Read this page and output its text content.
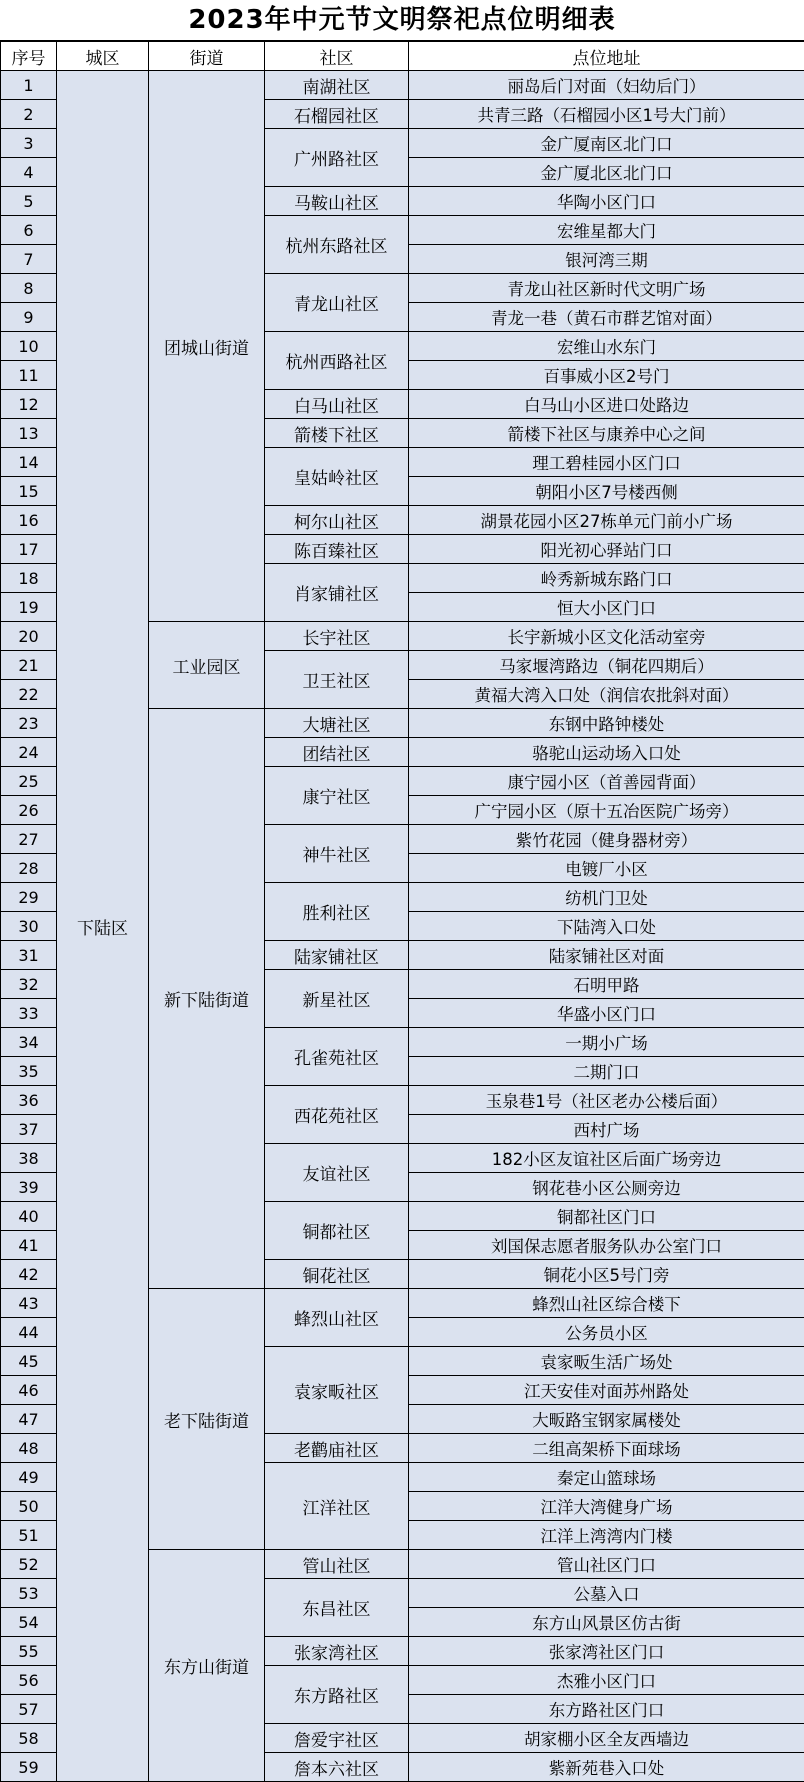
2023年中元节文明祭祀点位明细表
序号	城区	街道	社区	点位地址
1	下陆区	团城山街道	南湖社区	丽岛后门对面（妇幼后门）
2			石榴园社区	共青三路（石榴园小区1号大门前）
3			广州路社区	金广厦南区北门口
4				金广厦北区北门口
5			马鞍山社区	华陶小区门口
6			杭州东路社区	宏维星都大门
7				银河湾三期
8			青龙山社区	青龙山社区新时代文明广场
9				青龙一巷（黄石市群艺馆对面）
10			杭州西路社区	宏维山水东门
11				百事威小区2号门
12			白马山社区	白马山小区进口处路边
13			箭楼下社区	箭楼下社区与康养中心之间
14			皇姑岭社区	理工碧桂园小区门口
15				朝阳小区7号楼西侧
16			柯尔山社区	湖景花园小区27栋单元门前小广场
17			陈百臻社区	阳光初心驿站门口
18			肖家铺社区	岭秀新城东路门口
19				恒大小区门口
20		工业园区	长宇社区	长宇新城小区文化活动室旁
21			卫王社区	马家堰湾路边（铜花四期后）
22				黄福大湾入口处（润信农批斜对面）
23		新下陆街道	大塘社区	东钢中路钟楼处
24			团结社区	骆驼山运动场入口处
25			康宁社区	康宁园小区（首善园背面）
26				广宁园小区（原十五冶医院广场旁）
27			神牛社区	紫竹花园（健身器材旁）
28				电镀厂小区
29			胜利社区	纺机门卫处
30				下陆湾入口处
31			陆家铺社区	陆家铺社区对面
32			新星社区	石明甲路
33				华盛小区门口
34			孔雀苑社区	一期小广场
35				二期门口
36			西花苑社区	玉泉巷1号（社区老办公楼后面）
37				西村广场
38			友谊社区	182小区友谊社区后面广场旁边
39				钢花巷小区公厕旁边
40			铜都社区	铜都社区门口
41				刘国保志愿者服务队办公室门口
42			铜花社区	铜花小区5号门旁
43		老下陆街道	蜂烈山社区	蜂烈山社区综合楼下
44				公务员小区
45			袁家畈社区	袁家畈生活广场处
46				江天安佳对面苏州路处
47				大畈路宝钢家属楼处
48			老鹳庙社区	二组高架桥下面球场
49			江洋社区	秦定山篮球场
50				江洋大湾健身广场
51				江洋上湾湾内门楼
52		东方山街道	管山社区	管山社区门口
53			东昌社区	公墓入口
54				东方山风景区仿古街
55			张家湾社区	张家湾社区门口
56			东方路社区	杰雅小区门口
57				东方路社区门口
58			詹爱宇社区	胡家棚小区全友西墙边
59			詹本六社区	紫新苑巷入口处
